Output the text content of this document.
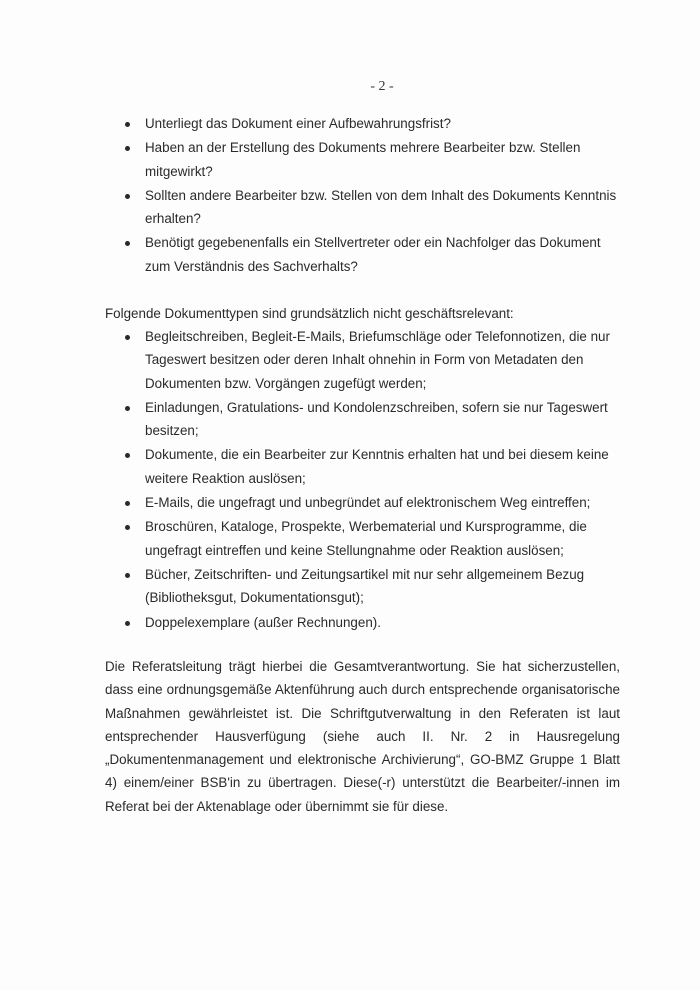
- 2 -
Unterliegt das Dokument einer Aufbewahrungsfrist?
Haben an der Erstellung des Dokuments mehrere Bearbeiter bzw. Stellen mitgewirkt?
Sollten andere Bearbeiter bzw. Stellen von dem Inhalt des Dokuments Kenntnis erhalten?
Benötigt gegebenenfalls ein Stellvertreter oder ein Nachfolger das Dokument zum Verständnis des Sachverhalts?
Folgende Dokumenttypen sind grundsätzlich nicht geschäftsrelevant:
Begleitschreiben, Begleit-E-Mails, Briefumschläge oder Telefonnotizen, die nur Tageswert besitzen oder deren Inhalt ohnehin in Form von Metadaten den Dokumenten bzw. Vorgängen zugefügt werden;
Einladungen, Gratulations- und Kondolenzschreiben, sofern sie nur Tageswert besitzen;
Dokumente, die ein Bearbeiter zur Kenntnis erhalten hat und bei diesem keine weitere Reaktion auslösen;
E-Mails, die ungefragt und unbegründet auf elektronischem Weg eintreffen;
Broschüren, Kataloge, Prospekte, Werbematerial und Kursprogramme, die ungefragt eintreffen und keine Stellungnahme oder Reaktion auslösen;
Bücher, Zeitschriften- und Zeitungsartikel mit nur sehr allgemeinem Bezug (Bibliotheksgut, Dokumentationsgut);
Doppelexemplare (außer Rechnungen).
Die Referatsleitung trägt hierbei die Gesamtverantwortung. Sie hat sicherzustellen, dass eine ordnungsgemäße Aktenführung auch durch entsprechende organisatorische Maßnahmen gewährleistet ist. Die Schriftgutverwaltung in den Referaten ist laut entsprechender Hausverfügung (siehe auch II. Nr. 2 in Hausregelung „Dokumentenmanagement und elektronische Archivierung“, GO-BMZ Gruppe 1 Blatt 4) einem/einer BSB'in zu übertragen. Diese(-r) unterstützt die Bearbeiter/-innen im Referat bei der Aktenablage oder übernimmt sie für diese.
